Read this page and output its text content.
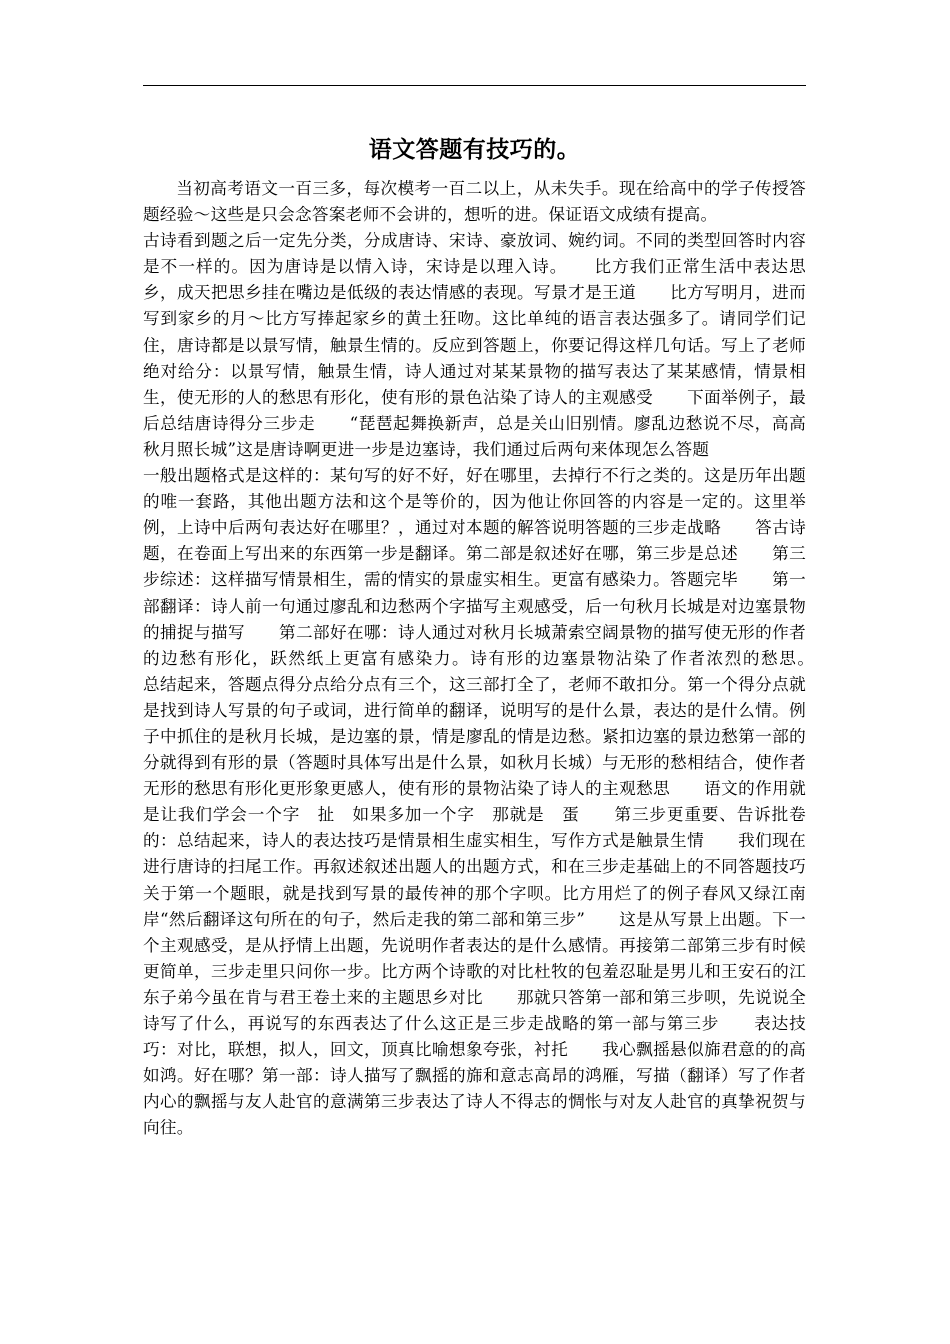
语文答题有技巧的。

当初高考语文一百三多，每次模考一百二以上，从未失手。现在给高中的学子传授答题经验～这些是只会念答案老师不会讲的，想听的进。保证语文成绩有提高。

古诗看到题之后一定先分类，分成唐诗、宋诗、豪放词、婉约词。不同的类型回答时内容是不一样的。因为唐诗是以情入诗，宋诗是以理入诗。　　比方我们正常生活中表达思乡，成天把思乡挂在嘴边是低级的表达情感的表现。写景才是王道　　比方写明月，进而写到家乡的月～比方写捧起家乡的黄土狂吻。这比单纯的语言表达强多了。请同学们记住，唐诗都是以景写情，触景生情的。反应到答题上，你要记得这样几句话。写上了老师绝对给分：以景写情，触景生情，诗人通过对某某景物的描写表达了某某感情，情景相生，使无形的人的愁思有形化，使有形的景色沾染了诗人的主观感受　　下面举例子，最后总结唐诗得分三步走　　“琵琶起舞换新声，总是关山旧别情。廖乱边愁说不尽，高高秋月照长城”这是唐诗啊更进一步是边塞诗，我们通过后两句来体现怎么答题

一般出题格式是这样的：某句写的好不好，好在哪里，去掉行不行之类的。这是历年出题的唯一套路，其他出题方法和这个是等价的，因为他让你回答的内容是一定的。这里举例，上诗中后两句表达好在哪里？，通过对本题的解答说明答题的三步走战略　　答古诗题，在卷面上写出来的东西第一步是翻译。第二部是叙述好在哪，第三步是总述　　第三步综述：这样描写情景相生，需的情实的景虚实相生。更富有感染力。答题完毕　　第一部翻译：诗人前一句通过廖乱和边愁两个字描写主观感受，后一句秋月长城是对边塞景物的捕捉与描写　　第二部好在哪：诗人通过对秋月长城萧索空阔景物的描写使无形的作者的边愁有形化，跃然纸上更富有感染力。诗有形的边塞景物沾染了作者浓烈的愁思。　　总结起来，答题点得分点给分点有三个，这三部打全了，老师不敢扣分。第一个得分点就是找到诗人写景的句子或词，进行简单的翻译，说明写的是什么景，表达的是什么情。例子中抓住的是秋月长城，是边塞的景，情是廖乱的情是边愁。紧扣边塞的景边愁第一部的分就得到有形的景（答题时具体写出是什么景，如秋月长城）与无形的愁相结合，使作者无形的愁思有形化更形象更感人，使有形的景物沾染了诗人的主观愁思　　语文的作用就是让我们学会一个字　扯　如果多加一个字　那就是　蛋　　第三步更重要、告诉批卷的：总结起来，诗人的表达技巧是情景相生虚实相生，写作方式是触景生情　　我们现在进行唐诗的扫尾工作。再叙述叙述出题人的出题方式，和在三步走基础上的不同答题技巧　　关于第一个题眼，就是找到写景的最传神的那个字呗。比方用烂了的例子春风又绿江南岸“然后翻译这句所在的句子，然后走我的第二部和第三步”　　这是从写景上出题。下一个主观感受，是从抒情上出题，先说明作者表达的是什么感情。再接第二部第三步有时候更简单，三步走里只问你一步。比方两个诗歌的对比杜牧的包羞忍耻是男儿和王安石的江东子弟今虽在肯与君王卷土来的主题思乡对比　　那就只答第一部和第三步呗，先说说全诗写了什么，再说写的东西表达了什么这正是三步走战略的第一部与第三步　　表达技巧：对比，联想，拟人，回文，顶真比喻想象夸张，衬托　　我心飘摇悬似旆君意的的高如鸿。好在哪？第一部：诗人描写了飘摇的旆和意志高昂的鸿雁，写描（翻译）写了作者内心的飘摇与友人赴官的意满第三步表达了诗人不得志的惆怅与对友人赴官的真挚祝贺与向往。
